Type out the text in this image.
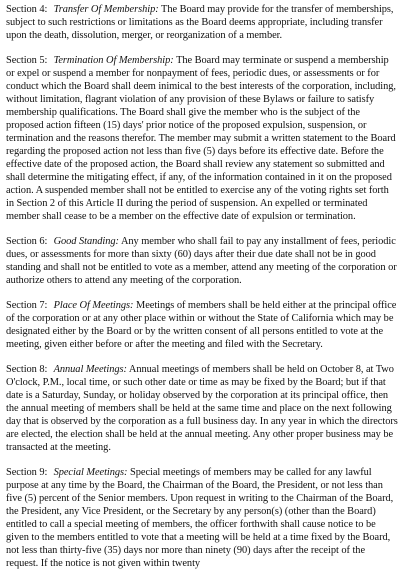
Section 4: Transfer Of Membership: The Board may provide for the transfer of memberships, subject to such restrictions or limitations as the Board deems appropriate, including transfer upon the death, dissolution, merger, or reorganization of a member.
Section 5: Termination Of Membership: The Board may terminate or suspend a membership or expel or suspend a member for nonpayment of fees, periodic dues, or assessments or for conduct which the Board shall deem inimical to the best interests of the corporation, including, without limitation, flagrant violation of any provision of these Bylaws or failure to satisfy membership qualifications. The Board shall give the member who is the subject of the proposed action fifteen (15) days' prior notice of the proposed expulsion, suspension, or termination and the reasons therefor. The member may submit a written statement to the Board regarding the proposed action not less than five (5) days before its effective date. Before the effective date of the proposed action, the Board shall review any statement so submitted and shall determine the mitigating effect, if any, of the information contained in it on the proposed action. A suspended member shall not be entitled to exercise any of the voting rights set forth in Section 2 of this Article II during the period of suspension. An expelled or terminated member shall cease to be a member on the effective date of expulsion or termination.
Section 6: Good Standing: Any member who shall fail to pay any installment of fees, periodic dues, or assessments for more than sixty (60) days after their due date shall not be in good standing and shall not be entitled to vote as a member, attend any meeting of the corporation or authorize others to attend any meeting of the corporation.
Section 7: Place Of Meetings: Meetings of members shall be held either at the principal office of the corporation or at any other place within or without the State of California which may be designated either by the Board or by the written consent of all persons entitled to vote at the meeting, given either before or after the meeting and filed with the Secretary.
Section 8: Annual Meetings: Annual meetings of members shall be held on October 8, at Two O'clock, P.M., local time, or such other date or time as may be fixed by the Board; but if that date is a Saturday, Sunday, or holiday observed by the corporation at its principal office, then the annual meeting of members shall be held at the same time and place on the next following day that is observed by the corporation as a full business day. In any year in which the directors are elected, the election shall be held at the annual meeting. Any other proper business may be transacted at the meeting.
Section 9: Special Meetings: Special meetings of members may be called for any lawful purpose at any time by the Board, the Chairman of the Board, the President, or not less than five (5) percent of the Senior members. Upon request in writing to the Chairman of the Board, the President, any Vice President, or the Secretary by any person(s) (other than the Board) entitled to call a special meeting of members, the officer forthwith shall cause notice to be given to the members entitled to vote that a meeting will be held at a time fixed by the Board, not less than thirty-five (35) days nor more than ninety (90) days after the receipt of the request. If the notice is not given within twenty
